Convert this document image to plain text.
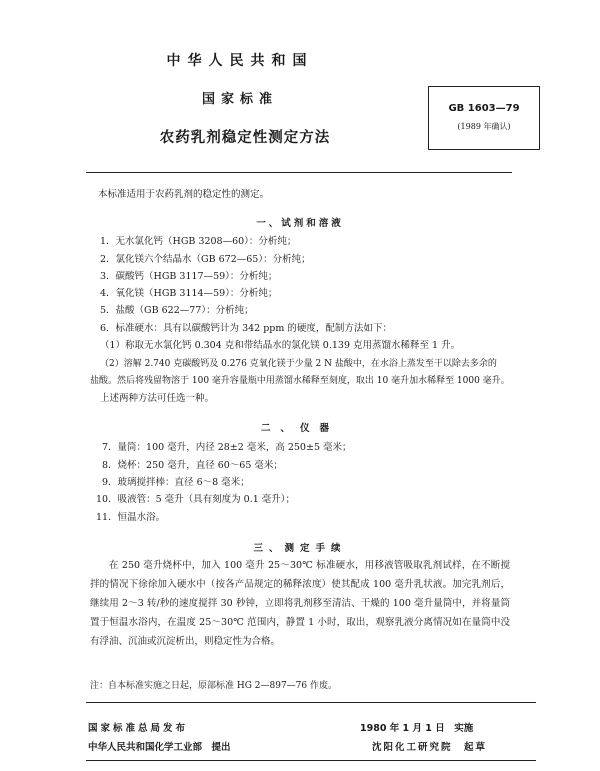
中华人民共和国
国家标准
农药乳剂稳定性测定方法
GB 1603—79
(1989 年确认)
本标准适用于农药乳剂的稳定性的测定。
一、试剂和溶液
1．无水氯化钙（HGB 3208—60）：分析纯；
2．氯化镁六个结晶水（GB 672—65）：分析纯；
3．碳酸钙（HGB 3117—59）：分析纯；
4．氧化镁（HGB 3114—59）：分析纯；
5．盐酸（GB 622—77）：分析纯；
6．标准硬水：具有以碳酸钙计为 342 ppm 的硬度，配制方法如下：
（1）称取无水氯化钙 0.304 克和带结晶水的氯化镁 0.139 克用蒸馏水稀释至 1 升。
（2）溶解 2.740 克碳酸钙及 0.276 克氧化镁于少量 2 N 盐酸中，在水浴上蒸发至干以除去多余的
盐酸。然后将残留物溶于 100 毫升容量瓶中用蒸馏水稀释至刻度，取出 10 毫升加水稀释至 1000 毫升。
上述两种方法可任选一种。
二、仪器
7．量筒：100 毫升，内径 28±2 毫米，高 250±5 毫米；
8．烧杯：250 毫升，直径 60～65 毫米；
9．玻璃搅拌棒：直径 6～8 毫米；
10．吸液管：5 毫升（具有刻度为 0.1 毫升）；
11．恒温水浴。
三、测定手续
在 250 毫升烧杯中，加入 100 毫升 25～30℃ 标准硬水，用移液管吸取乳剂试样，在不断搅拌的情况下徐徐加入硬水中（按各产品规定的稀释浓度）使其配成 100 毫升乳状液。加完乳剂后，继续用 2～3 转/秒的速度搅拌 30 秒钟，立即将乳剂移至清洁、干燥的 100 毫升量筒中，并将量筒置于恒温水浴内，在温度 25～30℃ 范围内，静置 1 小时，取出，观察乳液分离情况如在量筒中没有浮油、沉油或沉淀析出，则稳定性为合格。
注：自本标准实施之日起，原部标准 HG 2—897—76 作废。
国家标准总局发布
中华人民共和国化学工业部　提出
1980 年 1 月 1 日　实施
沈阳化工研究院　起草
